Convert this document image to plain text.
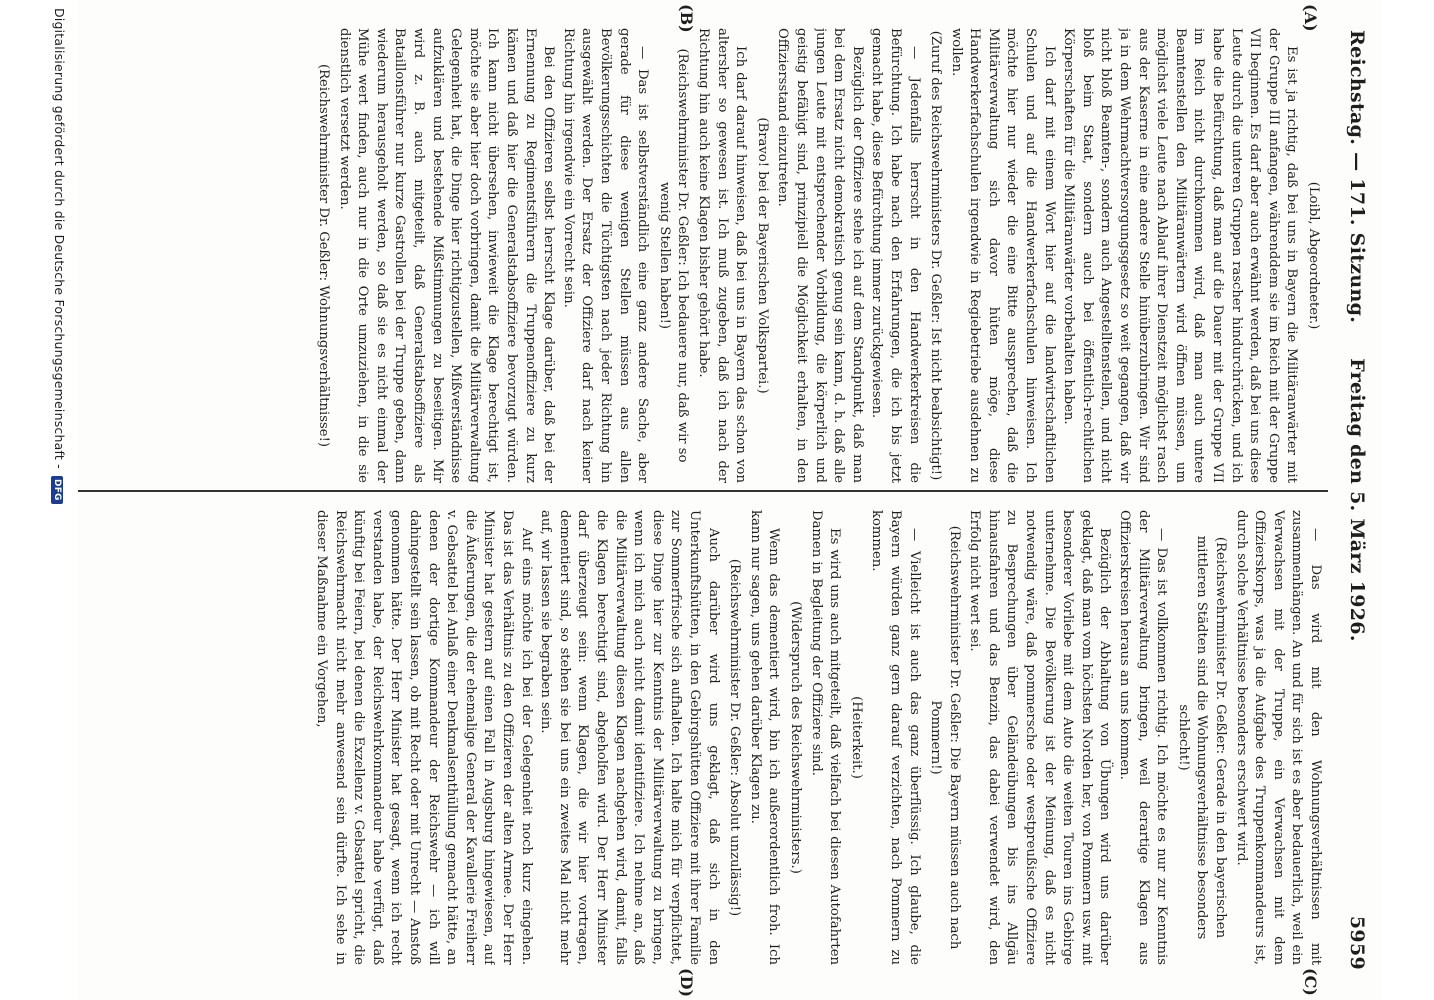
Reichstag. — 171. Sitzung.
Freitag den 5. März 1926.
5959
(A)
(B)
(C)
(D)

(Loibl, Abgeordneter.)

Es ist ja richtig, daß bei uns in Bayern die Militäranwärter mit der Gruppe III anfangen, währenddem sie im Reich mit der Gruppe VII beginnen. Es darf aber auch erwähnt werden, daß bei uns diese Leute durch die unteren Gruppen rascher hindurchrücken, und ich habe die Befürchtung, daß man auf die Dauer mit der Gruppe VII im Reich nicht durchkommen wird, daß man auch untere Beamtenstellen den Militäranwärtern wird öffnen müssen, um möglichst viele Leute nach Ablauf ihrer Dienstzeit möglichst rasch aus der Kaserne in eine andere Stelle hinüberzubringen. Wir sind ja in dem Wehrmachtversorgungsgesetz so weit gegangen, daß wir nicht bloß Beamten-, sondern auch Angestelltenstellen, und nicht bloß beim Staat, sondern auch bei öffentlich-rechtlichen Körperschaften für die Militäranwärter vorbehalten haben.

Ich darf mit einem Wort hier auf die landwirtschaftlichen Schulen und auf die Handwerkerfachschulen hinweisen. Ich möchte hier nur wieder die eine Bitte aussprechen, daß die Militärverwaltung sich davor hüten möge, diese Handwerkerfachschulen irgendwie in Regiebetriebe ausdehnen zu wollen.

(Zuruf des Reichswehrministers Dr. Geßler: Ist nicht beabsichtigt!)

— Jedenfalls herrscht in den Handwerkerkreisen die Befürchtung. Ich habe nach den Erfahrungen, die ich bis jetzt gemacht habe, diese Befürchtung immer zurückgewiesen.

Bezüglich der Offiziere stehe ich auf dem Standpunkt, daß man bei dem Ersatz nicht demokratisch genug sein kann, d. h. daß alle jungen Leute mit entsprechender Vorbildung, die körperlich und geistig befähigt sind, prinzipiell die Möglichkeit erhalten, in den Offiziersstand einzutreten.

(Bravo! bei der Bayerischen Volkspartei.)

Ich darf darauf hinweisen, daß bei uns in Bayern das schon von altersher so gewesen ist. Ich muß zugeben, daß ich nach der Richtung hin auch keine Klagen bisher gehört habe.

(Reichswehrminister Dr. Geßler: Ich bedauere nur, daß wir so wenig Stellen haben!)

— Das ist selbstverständlich eine ganz andere Sache, aber gerade für diese wenigen Stellen müssen aus allen Bevölkerungsschichten die Tüchtigsten nach jeder Richtung hin ausgewählt werden. Der Ersatz der Offiziere darf nach keiner Richtung hin irgendwie ein Vorrecht sein.

Bei den Offizieren selbst herrscht Klage darüber, daß bei der Ernennung zu Regimentsführern die Truppenoffiziere zu kurz kämen und daß hier die Generalstabsoffiziere bevorzugt würden. Ich kann nicht übersehen, inwieweit die Klage berechtigt ist, möchte sie aber hier doch vorbringen, damit die Militärverwaltung Gelegenheit hat, die Dinge hier richtigzustellen, Mißverständnisse aufzuklären und bestehende Mißstimmungen zu beseitigen. Mir wird z. B. auch mitgeteilt, daß Generalstabsoffiziere als Bataillonsführer nur kurze Gastrollen bei der Truppe geben, dann wiederum herausgeholt werden, so daß sie es nicht einmal der Mühe wert finden, auch nur in die Orte umzuziehen, in die sie dienstlich versetzt werden.

(Reichswehrminister Dr. Geßler: Wohnungsverhältnisse!)

— Das wird mit den Wohnungsverhältnissen mit zusammenhängen. An und für sich ist es aber bedauerlich, weil ein Verwachsen mit der Truppe, ein Verwachsen mit dem Offizierskorps, was ja die Aufgabe des Truppenkommandeurs ist, durch solche Verhältnisse besonders erschwert wird.

(Reichswehrminister Dr. Geßler: Gerade in den bayerischen mittleren Städten sind die Wohnungsverhältnisse besonders schlecht!)

— Das ist vollkommen richtig. Ich möchte es nur zur Kenntnis der Militärverwaltung bringen, weil derartige Klagen aus Offizierskreisen heraus an uns kommen.

Bezüglich der Abhaltung von Übungen wird uns darüber geklagt, daß man vom höchsten Norden her, von Pommern usw. mit besonderer Vorliebe mit dem Auto die weiten Touren ins Gebirge unternehme. Die Bevölkerung ist der Meinung, daß es nicht notwendig wäre, daß pommersche oder westpreußische Offiziere zu Besprechungen über Geländeübungen bis ins Allgäu hinausfahren und das Benzin, das dabei verwendet wird, den Erfolg nicht wert sei.

(Reichswehrminister Dr. Geßler: Die Bayern müssen auch nach Pommern!)

— Vielleicht ist auch das ganz überflüssig. Ich glaube, die Bayern würden ganz gern darauf verzichten, nach Pommern zu kommen.

(Heiterkeit.)

Es wird uns auch mitgeteilt, daß vielfach bei diesen Autofahrten Damen in Begleitung der Offiziere sind.

(Widerspruch des Reichswehrministers.)

Wenn das dementiert wird, bin ich außerordentlich froh. Ich kann nur sagen, uns gehen darüber Klagen zu.

(Reichswehrminister Dr. Geßler: Absolut unzulässig!)

Auch darüber wird uns geklagt, daß sich in den Unterkunftshütten, in den Gebirgshütten Offiziere mit ihrer Familie zur Sommerfrische sich aufhalten. Ich halte mich für verpflichtet, diese Dinge hier zur Kenntnis der Militärverwaltung zu bringen, wenn ich mich auch nicht damit identifiziere. Ich nehme an, daß die Militärverwaltung diesen Klagen nachgehen wird, damit, falls die Klagen berechtigt sind, abgeholfen wird. Der Herr Minister darf überzeugt sein: wenn Klagen, die wir hier vortragen, dementiert sind, so stehen sie bei uns ein zweites Mal nicht mehr auf, wir lassen sie begraben sein.

Auf eins möchte ich bei der Gelegenheit noch kurz eingehen. Das ist das Verhältnis zu den Offizieren der alten Armee. Der Herr Minister hat gestern auf einen Fall in Augsburg hingewiesen, auf die Äußerungen, die der ehemalige General der Kavallerie Freiherr v. Gebsattel bei Anlaß einer Denkmalsenthüllung gemacht hätte, an denen der dortige Kommandeur der Reichswehr — ich will dahingestellt sein lassen, ob mit Recht oder mit Unrecht — Anstoß genommen hätte. Der Herr Minister hat gesagt, wenn ich recht verstanden habe, der Reichswehrkommandeur habe verfügt, daß künftig bei Feiern, bei denen die Exzellenz v. Gebsattel spricht, die Reichswehrmacht nicht mehr anwesend sein dürfte. Ich sehe in dieser Maßnahme ein Vorgehen,

Digitalisierung gefördert durch die Deutsche Forschungsgemeinschaft - DFG
